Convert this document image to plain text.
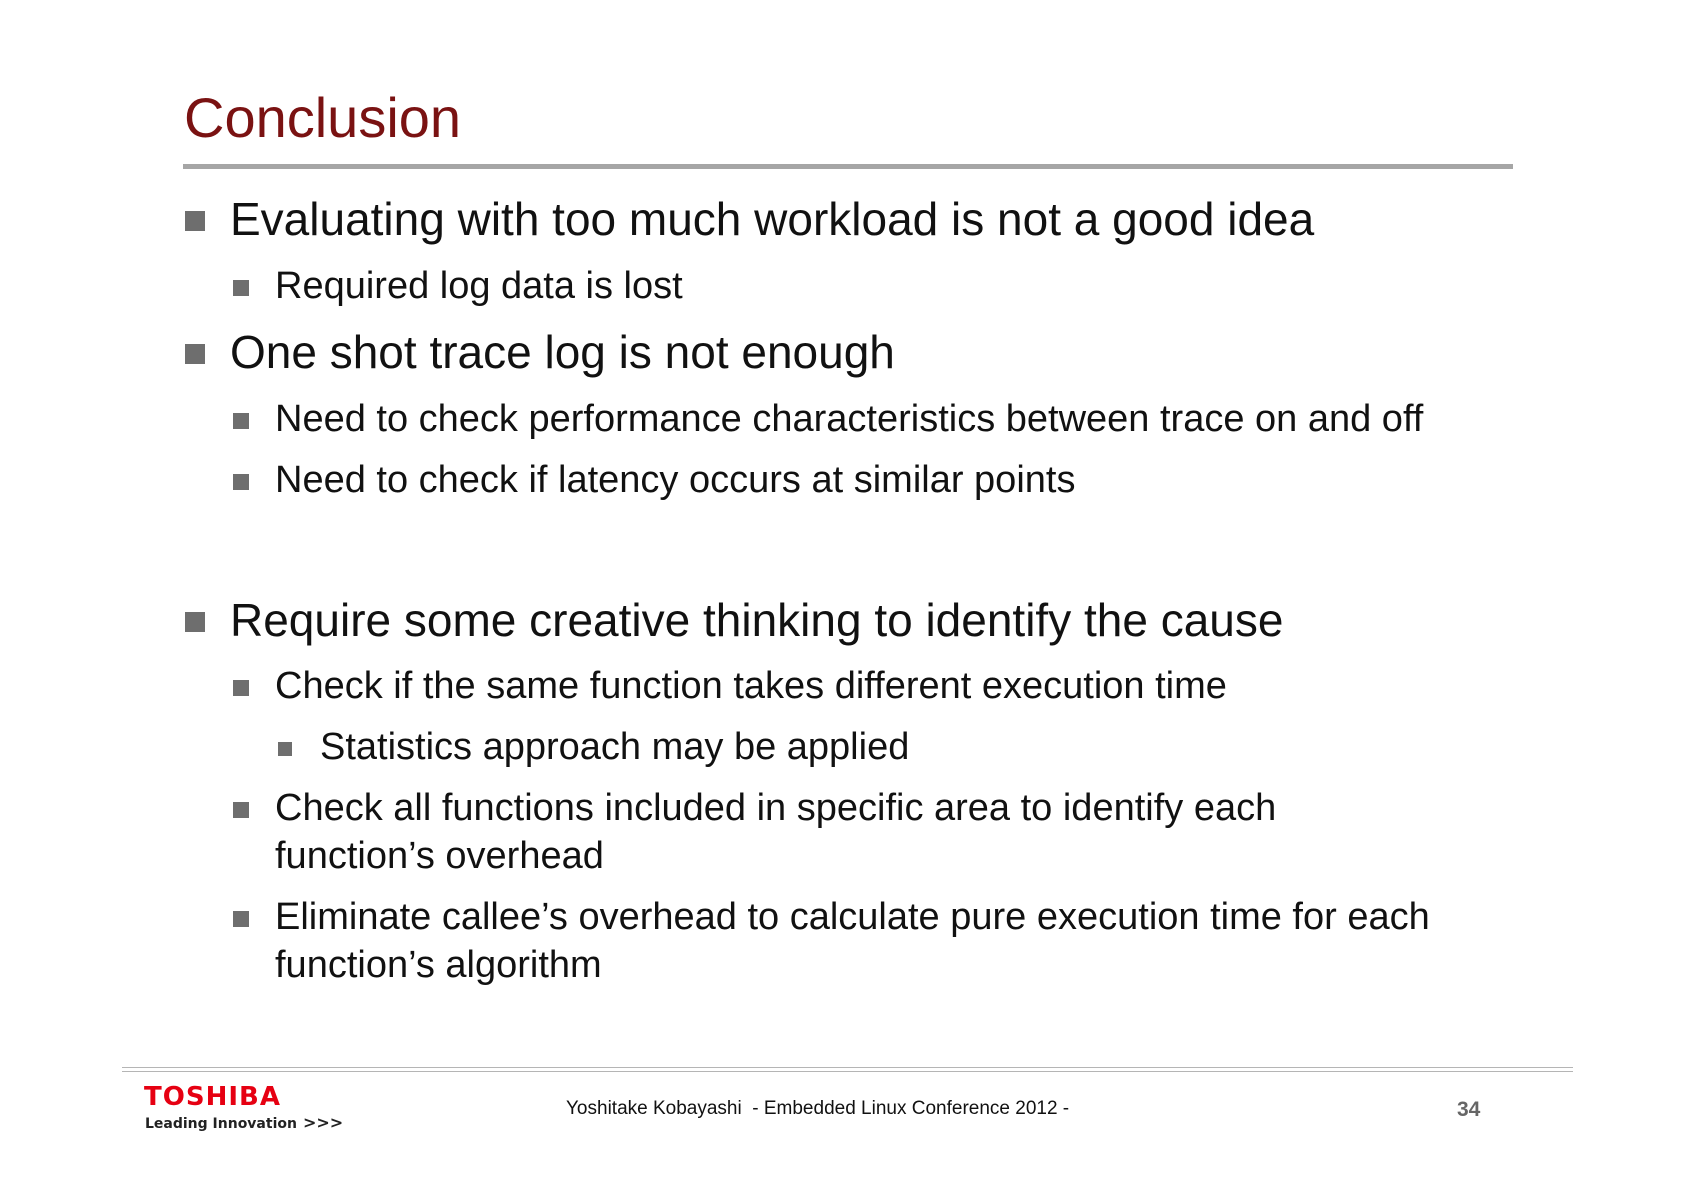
Conclusion
Evaluating with too much workload is not a good idea
Required log data is lost
One shot trace log is not enough
Need to check performance characteristics between trace on and off
Need to check if latency occurs at similar points
Require some creative thinking to identify the cause
Check if the same function takes different execution time
Statistics approach may be applied
Check all functions included in specific area to identify each
function’s overhead
Eliminate callee’s overhead to calculate pure execution time for each
function’s algorithm
TOSHIBA
Leading Innovation >>>
Yoshitake Kobayashi  - Embedded Linux Conference 2012 -	34
